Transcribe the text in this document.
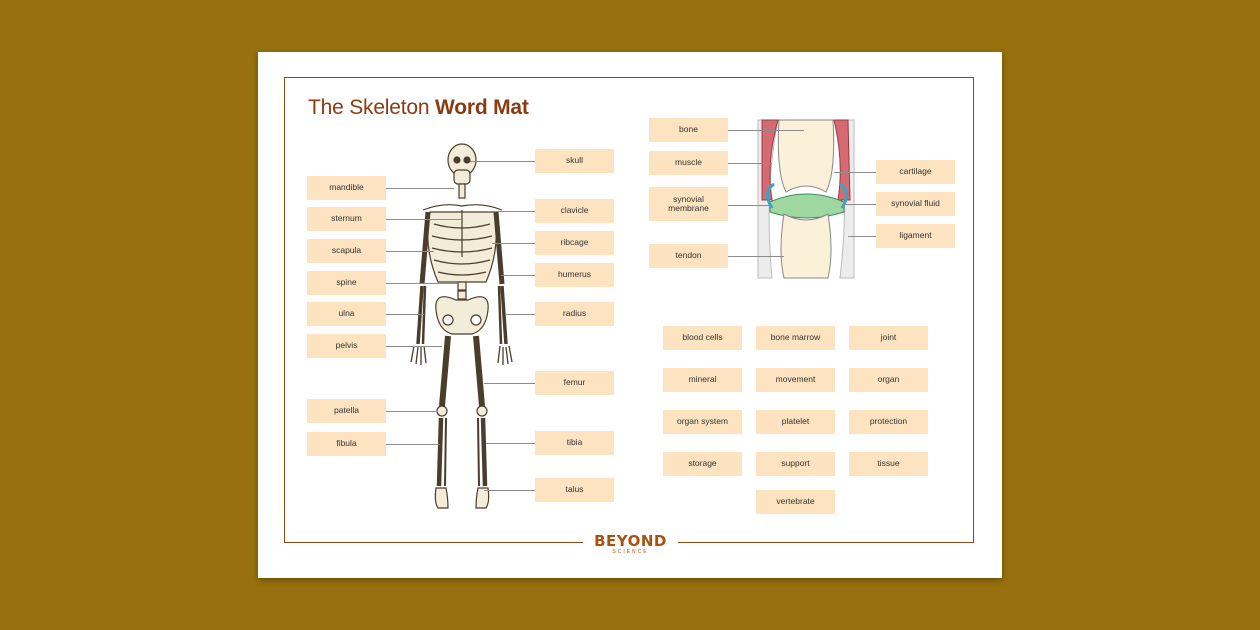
The Skeleton Word Mat
mandible
sternum
scapula
spine
ulna
pelvis
patella
fibula
skull
clavicle
ribcage
humerus
radius
femur
tibia
talus
bone
muscle
synovial membrane
tendon
cartilage
synovial fluid
ligament
blood cells	bone marrow	joint
mineral	movement	organ
organ system	platelet	protection
storage	support	tissue
vertebrate
BEYOND
SCIENCE
